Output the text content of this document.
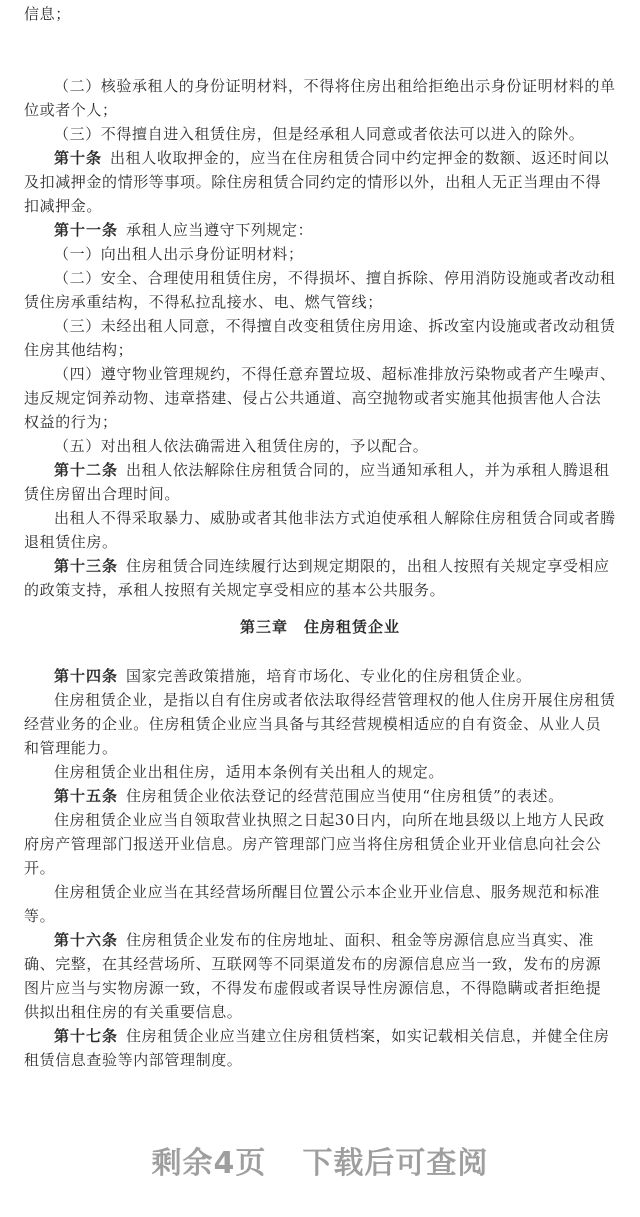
信息；

（二）核验承租人的身份证明材料，不得将住房出租给拒绝出示身份证明材料的单位或者个人；

（三）不得擅自进入租赁住房，但是经承租人同意或者依法可以进入的除外。

第十条 出租人收取押金的，应当在住房租赁合同中约定押金的数额、返还时间以及扣减押金的情形等事项。除住房租赁合同约定的情形以外，出租人无正当理由不得扣减押金。

第十一条 承租人应当遵守下列规定：

（一）向出租人出示身份证明材料；

（二）安全、合理使用租赁住房，不得损坏、擅自拆除、停用消防设施或者改动租赁住房承重结构，不得私拉乱接水、电、燃气管线；

（三）未经出租人同意，不得擅自改变租赁住房用途、拆改室内设施或者改动租赁住房其他结构；

（四）遵守物业管理规约，不得任意弃置垃圾、超标准排放污染物或者产生噪声、违反规定饲养动物、违章搭建、侵占公共通道、高空抛物或者实施其他损害他人合法权益的行为；

（五）对出租人依法确需进入租赁住房的，予以配合。

第十二条 出租人依法解除住房租赁合同的，应当通知承租人，并为承租人腾退租赁住房留出合理时间。

出租人不得采取暴力、威胁或者其他非法方式迫使承租人解除住房租赁合同或者腾退租赁住房。

第十三条 住房租赁合同连续履行达到规定期限的，出租人按照有关规定享受相应的政策支持，承租人按照有关规定享受相应的基本公共服务。

第三章　住房租赁企业

第十四条 国家完善政策措施，培育市场化、专业化的住房租赁企业。

住房租赁企业，是指以自有住房或者依法取得经营管理权的他人住房开展住房租赁经营业务的企业。住房租赁企业应当具备与其经营规模相适应的自有资金、从业人员和管理能力。

住房租赁企业出租住房，适用本条例有关出租人的规定。

第十五条 住房租赁企业依法登记的经营范围应当使用“住房租赁”的表述。

住房租赁企业应当自领取营业执照之日起30日内，向所在地县级以上地方人民政府房产管理部门报送开业信息。房产管理部门应当将住房租赁企业开业信息向社会公开。

住房租赁企业应当在其经营场所醒目位置公示本企业开业信息、服务规范和标准等。

第十六条 住房租赁企业发布的住房地址、面积、租金等房源信息应当真实、准确、完整，在其经营场所、互联网等不同渠道发布的房源信息应当一致，发布的房源图片应当与实物房源一致，不得发布虚假或者误导性房源信息，不得隐瞒或者拒绝提供拟出租住房的有关重要信息。

第十七条 住房租赁企业应当建立住房租赁档案，如实记载相关信息，并健全住房租赁信息查验等内部管理制度。

剩余4页 下载后可查阅
